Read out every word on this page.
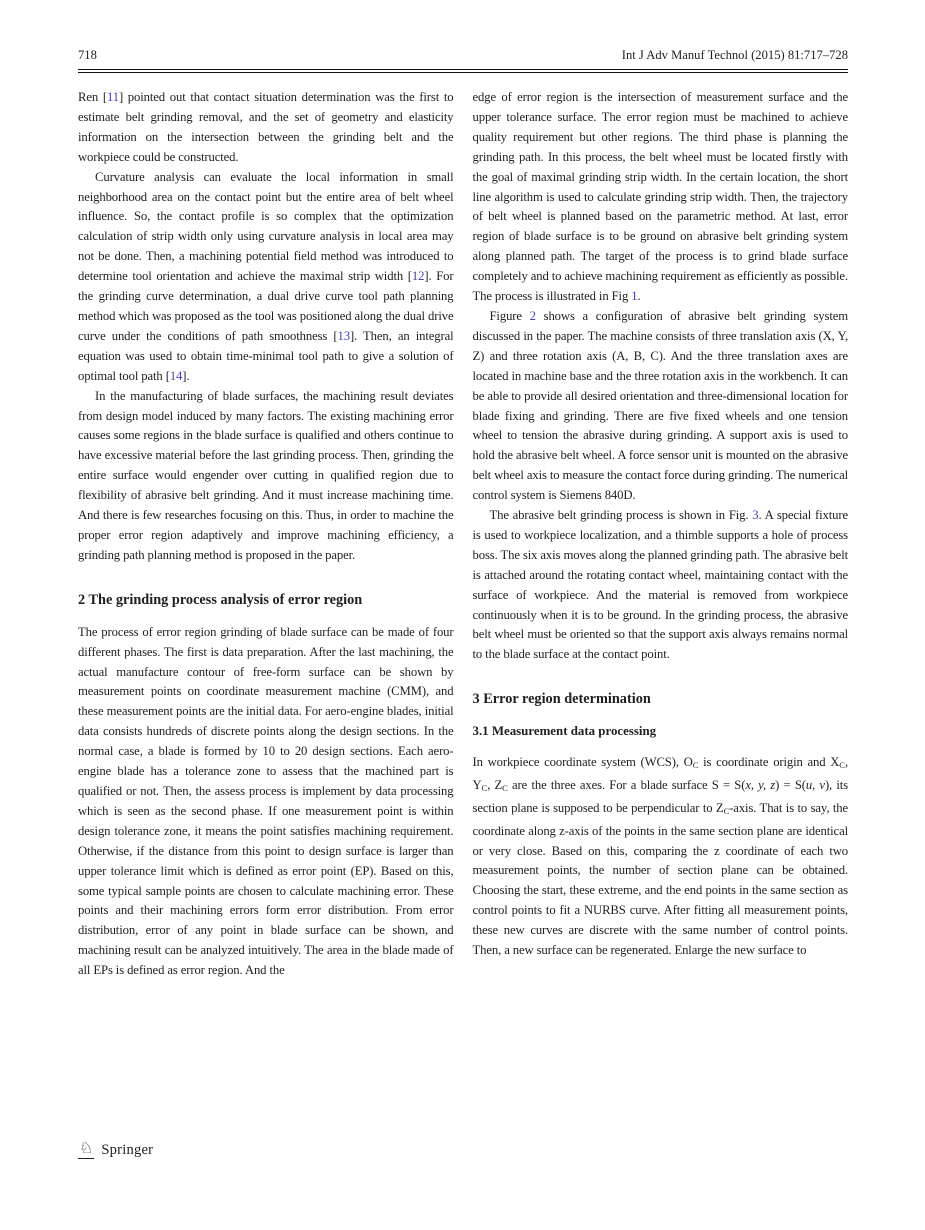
718	Int J Adv Manuf Technol (2015) 81:717–728

Ren [11] pointed out that contact situation determination was the first to estimate belt grinding removal, and the set of geometry and elasticity information on the intersection between the grinding belt and the workpiece could be constructed.

Curvature analysis can evaluate the local information in small neighborhood area on the contact point but the entire area of belt wheel influence. So, the contact profile is so complex that the optimization calculation of strip width only using curvature analysis in local area may not be done. Then, a machining potential field method was introduced to determine tool orientation and achieve the maximal strip width [12]. For the grinding curve determination, a dual drive curve tool path planning method which was proposed as the tool was positioned along the dual drive curve under the conditions of path smoothness [13]. Then, an integral equation was used to obtain time-minimal tool path to give a solution of optimal tool path [14].

In the manufacturing of blade surfaces, the machining result deviates from design model induced by many factors. The existing machining error causes some regions in the blade surface is qualified and others continue to have excessive material before the last grinding process. Then, grinding the entire surface would engender over cutting in qualified region due to flexibility of abrasive belt grinding. And it must increase machining time. And there is few researches focusing on this. Thus, in order to machine the proper error region adaptively and improve machining efficiency, a grinding path planning method is proposed in the paper.

2 The grinding process analysis of error region

The process of error region grinding of blade surface can be made of four different phases. The first is data preparation. After the last machining, the actual manufacture contour of free-form surface can be shown by measurement points on coordinate measurement machine (CMM), and these measurement points are the initial data. For aero-engine blades, initial data consists hundreds of discrete points along the design sections. In the normal case, a blade is formed by 10 to 20 design sections. Each aero-engine blade has a tolerance zone to assess that the machined part is qualified or not. Then, the assess process is implement by data processing which is seen as the second phase. If one measurement point is within design tolerance zone, it means the point satisfies machining requirement. Otherwise, if the distance from this point to design surface is larger than upper tolerance limit which is defined as error point (EP). Based on this, some typical sample points are chosen to calculate machining error. These points and their machining errors form error distribution. From error distribution, error of any point in blade surface can be shown, and machining result can be analyzed intuitively. The area in the blade made of all EPs is defined as error region. And the

edge of error region is the intersection of measurement surface and the upper tolerance surface. The error region must be machined to achieve quality requirement but other regions. The third phase is planning the grinding path. In this process, the belt wheel must be located firstly with the goal of maximal grinding strip width. In the certain location, the short line algorithm is used to calculate grinding strip width. Then, the trajectory of belt wheel is planned based on the parametric method. At last, error region of blade surface is to be ground on abrasive belt grinding system along planned path. The target of the process is to grind blade surface completely and to achieve machining requirement as efficiently as possible. The process is illustrated in Fig 1.

Figure 2 shows a configuration of abrasive belt grinding system discussed in the paper. The machine consists of three translation axis (X, Y, Z) and three rotation axis (A, B, C). And the three translation axes are located in machine base and the three rotation axis in the workbench. It can be able to provide all desired orientation and three-dimensional location for blade fixing and grinding. There are five fixed wheels and one tension wheel to tension the abrasive during grinding. A support axis is used to hold the abrasive belt wheel. A force sensor unit is mounted on the abrasive belt wheel axis to measure the contact force during grinding. The numerical control system is Siemens 840D.

The abrasive belt grinding process is shown in Fig. 3. A special fixture is used to workpiece localization, and a thimble supports a hole of process boss. The six axis moves along the planned grinding path. The abrasive belt is attached around the rotating contact wheel, maintaining contact with the surface of workpiece. And the material is removed from workpiece continuously when it is to be ground. In the grinding process, the abrasive belt wheel must be oriented so that the support axis always remains normal to the blade surface at the contact point.

3 Error region determination
3.1 Measurement data processing

In workpiece coordinate system (WCS), OC is coordinate origin and XC, YC, ZC are the three axes. For a blade surface S = S(x, y, z) = S(u, v), its section plane is supposed to be perpendicular to ZC-axis. That is to say, the coordinate along z-axis of the points in the same section plane are identical or very close. Based on this, comparing the z coordinate of each two measurement points, the number of section plane can be obtained. Choosing the start, these extreme, and the end points in the same section as control points to fit a NURBS curve. After fitting all measurement points, these new curves are discrete with the same number of control points. Then, a new surface can be regenerated. Enlarge the new surface to

♘ Springer
